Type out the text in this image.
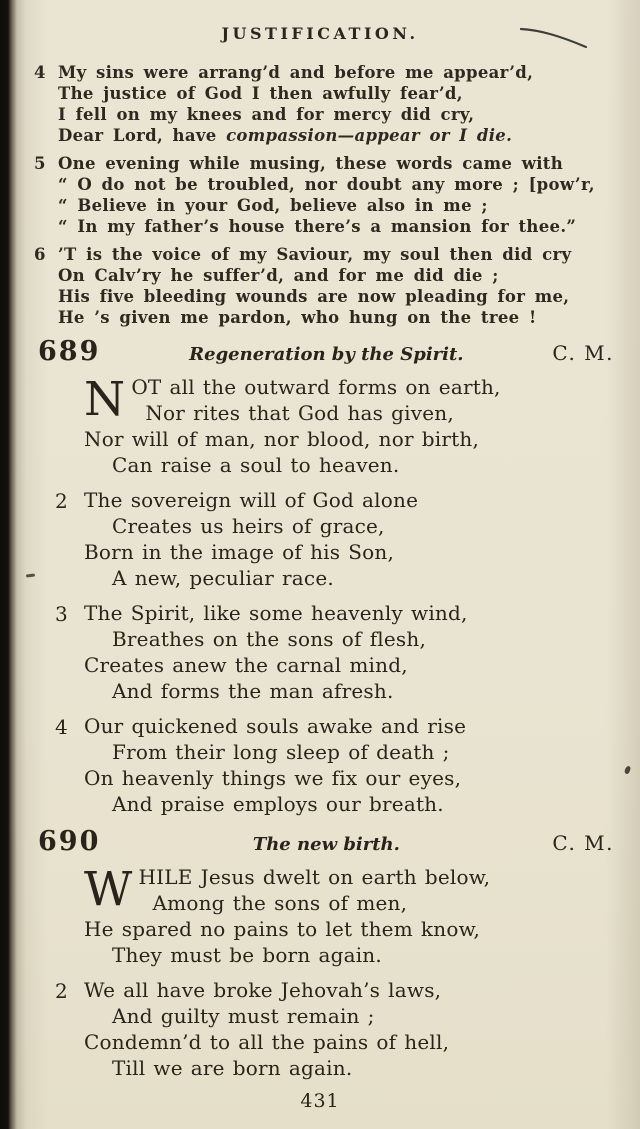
JUSTIFICATION.
4 My sins were arrang’d and before me appear’d,
The justice of God I then awfully fear’d,
I fell on my knees and for mercy did cry,
Dear Lord, have compassion—appear or I die.
5 One evening while musing, these words came with
“ O do not be troubled, nor doubt any more ; [pow’r,
“ Believe in your God, believe also in me ;
“ In my father’s house there’s a mansion for thee.”
6 ’T is the voice of my Saviour, my soul then did cry
On Calv’ry he suffer’d, and for me did die ;
His five bleeding wounds are now pleading for me,
He ’s given me pardon, who hung on the tree !
689	Regeneration by the Spirit.	C. M.
N OT all the outward forms on earth,
Nor rites that God has given,
Nor will of man, nor blood, nor birth,
Can raise a soul to heaven.
2 The sovereign will of God alone
Creates us heirs of grace,
Born in the image of his Son,
A new, peculiar race.
3 The Spirit, like some heavenly wind,
Breathes on the sons of flesh,
Creates anew the carnal mind,
And forms the man afresh.
4 Our quickened souls awake and rise
From their long sleep of death ;
On heavenly things we fix our eyes,
And praise employs our breath.
690	The new birth.	C. M.
W HILE Jesus dwelt on earth below,
Among the sons of men,
He spared no pains to let them know,
They must be born again.
2 We all have broke Jehovah’s laws,
And guilty must remain ;
Condemn’d to all the pains of hell,
Till we are born again.
431
